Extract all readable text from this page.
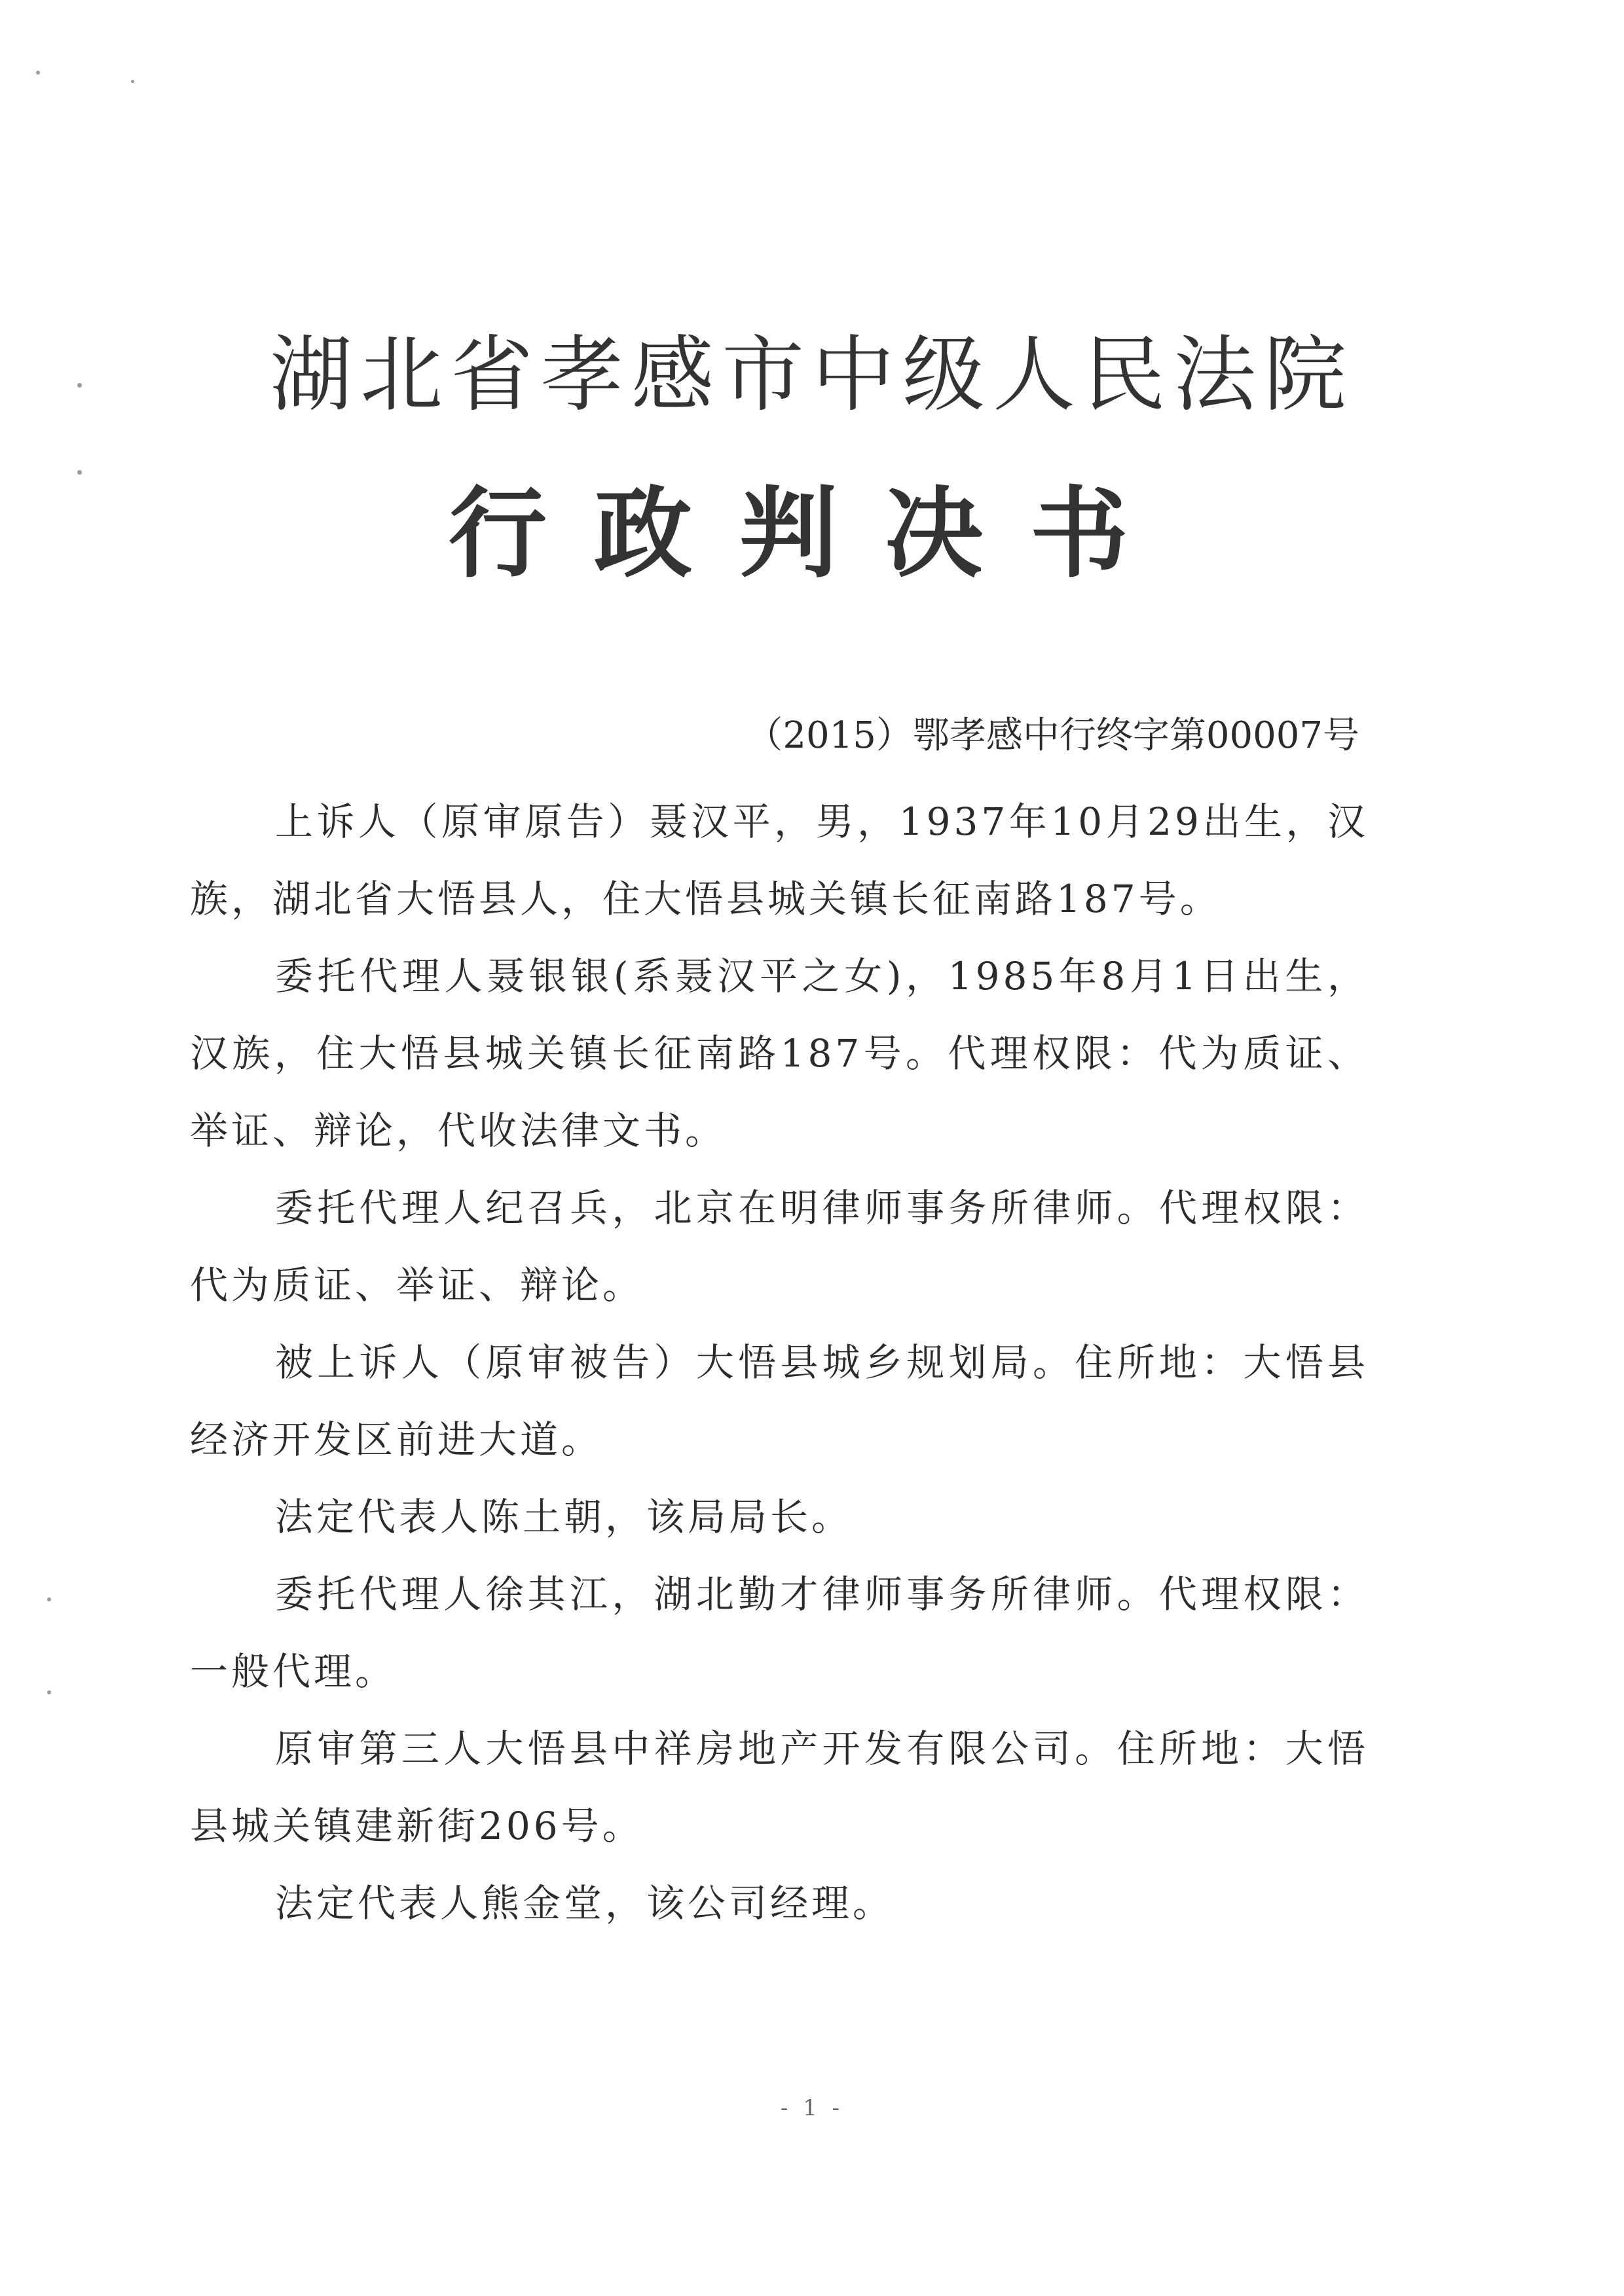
湖北省孝感市中级人民法院
行政判决书
（2015）鄂孝感中行终字第00007号

上诉人（原审原告）聂汉平，男，1937年10月29出生，汉族，湖北省大悟县人，住大悟县城关镇长征南路187号。

委托代理人聂银银(系聂汉平之女)，1985年8月1日出生，汉族，住大悟县城关镇长征南路187号。代理权限：代为质证、举证、辩论，代收法律文书。

委托代理人纪召兵，北京在明律师事务所律师。代理权限：代为质证、举证、辩论。

被上诉人（原审被告）大悟县城乡规划局。住所地：大悟县经济开发区前进大道。

法定代表人陈土朝，该局局长。

委托代理人徐其江，湖北勤才律师事务所律师。代理权限：一般代理。

原审第三人大悟县中祥房地产开发有限公司。住所地：大悟县城关镇建新街206号。

法定代表人熊金堂，该公司经理。

- 1 -
